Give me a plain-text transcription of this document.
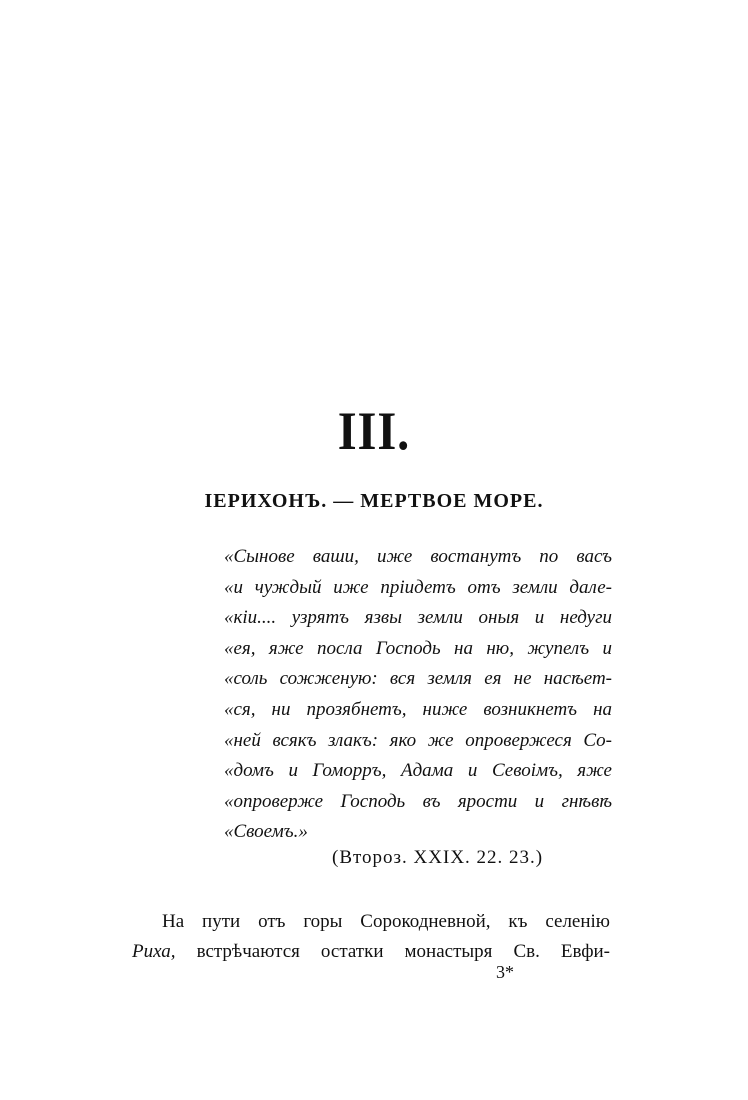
III.
IЕРИХОНЪ. — МЕРТВОЕ МОРЕ.
«Сынове ваши, иже востанутъ по васъ
«и чуждый иже пріидетъ отъ земли дале-
«кіи.... узрятъ язвы земли оныя и недуги
«ея, яже посла Господь на ню, жупелъ и
«соль сожженую: вся земля ея не насѣет-
«ся, ни прозябнетъ, ниже возникнетъ на
«ней всякъ злакъ: яко же опровержеся Со-
«домъ и Гоморръ, Адама и Севоімъ, яже
«опроверже Господь въ ярости и гнѣвѣ
«Своемъ.»
(Второз. XXIX. 22. 23.)
На пути отъ горы Сорокодневной, къ селенію
Риха, встрѣчаются остатки монастыря Св. Евфи-
3*
